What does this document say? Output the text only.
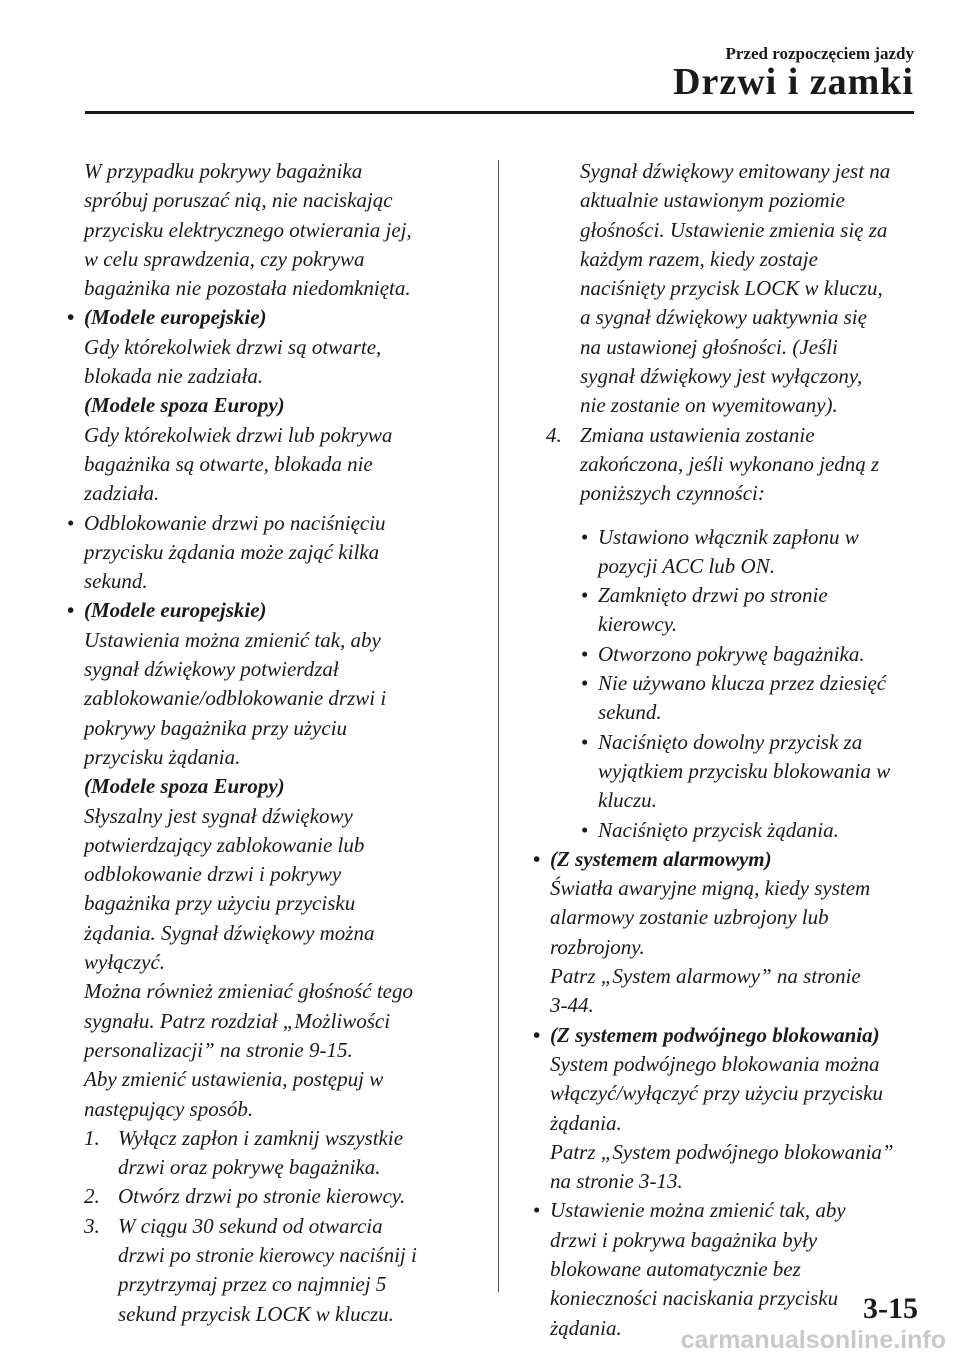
Przed rozpoczęciem jazdy
Drzwi i zamki
W przypadku pokrywy bagażnika
spróbuj poruszać nią, nie naciskając
przycisku elektrycznego otwierania jej,
w celu sprawdzenia, czy pokrywa
bagażnika nie pozostała niedomknięta.
• (Modele europejskie)
Gdy którekolwiek drzwi są otwarte,
blokada nie zadziała.
(Modele spoza Europy)
Gdy którekolwiek drzwi lub pokrywa
bagażnika są otwarte, blokada nie
zadziała.
• Odblokowanie drzwi po naciśnięciu
przycisku żądania może zająć kilka
sekund.
• (Modele europejskie)
Ustawienia można zmienić tak, aby
sygnał dźwiękowy potwierdzał
zablokowanie/odblokowanie drzwi i
pokrywy bagażnika przy użyciu
przycisku żądania.
(Modele spoza Europy)
Słyszalny jest sygnał dźwiękowy
potwierdzający zablokowanie lub
odblokowanie drzwi i pokrywy
bagażnika przy użyciu przycisku
żądania. Sygnał dźwiękowy można
wyłączyć.
Można również zmieniać głośność tego
sygnału. Patrz rozdział „Możliwości
personalizacji” na stronie 9-15.
Aby zmienić ustawienia, postępuj w
następujący sposób.
1. Wyłącz zapłon i zamknij wszystkie
drzwi oraz pokrywę bagażnika.
2. Otwórz drzwi po stronie kierowcy.
3. W ciągu 30 sekund od otwarcia
drzwi po stronie kierowcy naciśnij i
przytrzymaj przez co najmniej 5
sekund przycisk LOCK w kluczu.
Sygnał dźwiękowy emitowany jest na
aktualnie ustawionym poziomie
głośności. Ustawienie zmienia się za
każdym razem, kiedy zostaje
naciśnięty przycisk LOCK w kluczu,
a sygnał dźwiękowy uaktywnia się
na ustawionej głośności. (Jeśli
sygnał dźwiękowy jest wyłączony,
nie zostanie on wyemitowany).
4. Zmiana ustawienia zostanie
zakończona, jeśli wykonano jedną z
poniższych czynności:
• Ustawiono włącznik zapłonu w
pozycji ACC lub ON.
• Zamknięto drzwi po stronie
kierowcy.
• Otworzono pokrywę bagażnika.
• Nie używano klucza przez dziesięć
sekund.
• Naciśnięto dowolny przycisk za
wyjątkiem przycisku blokowania w
kluczu.
• Naciśnięto przycisk żądania.
• (Z systemem alarmowym)
Światła awaryjne migną, kiedy system
alarmowy zostanie uzbrojony lub
rozbrojony.
Patrz „System alarmowy” na stronie
3-44.
• (Z systemem podwójnego blokowania)
System podwójnego blokowania można
włączyć/wyłączyć przy użyciu przycisku
żądania.
Patrz „System podwójnego blokowania”
na stronie 3-13.
• Ustawienie można zmienić tak, aby
drzwi i pokrywa bagażnika były
blokowane automatycznie bez
konieczności naciskania przycisku
żądania.
3-15
carmanualsonline.info
